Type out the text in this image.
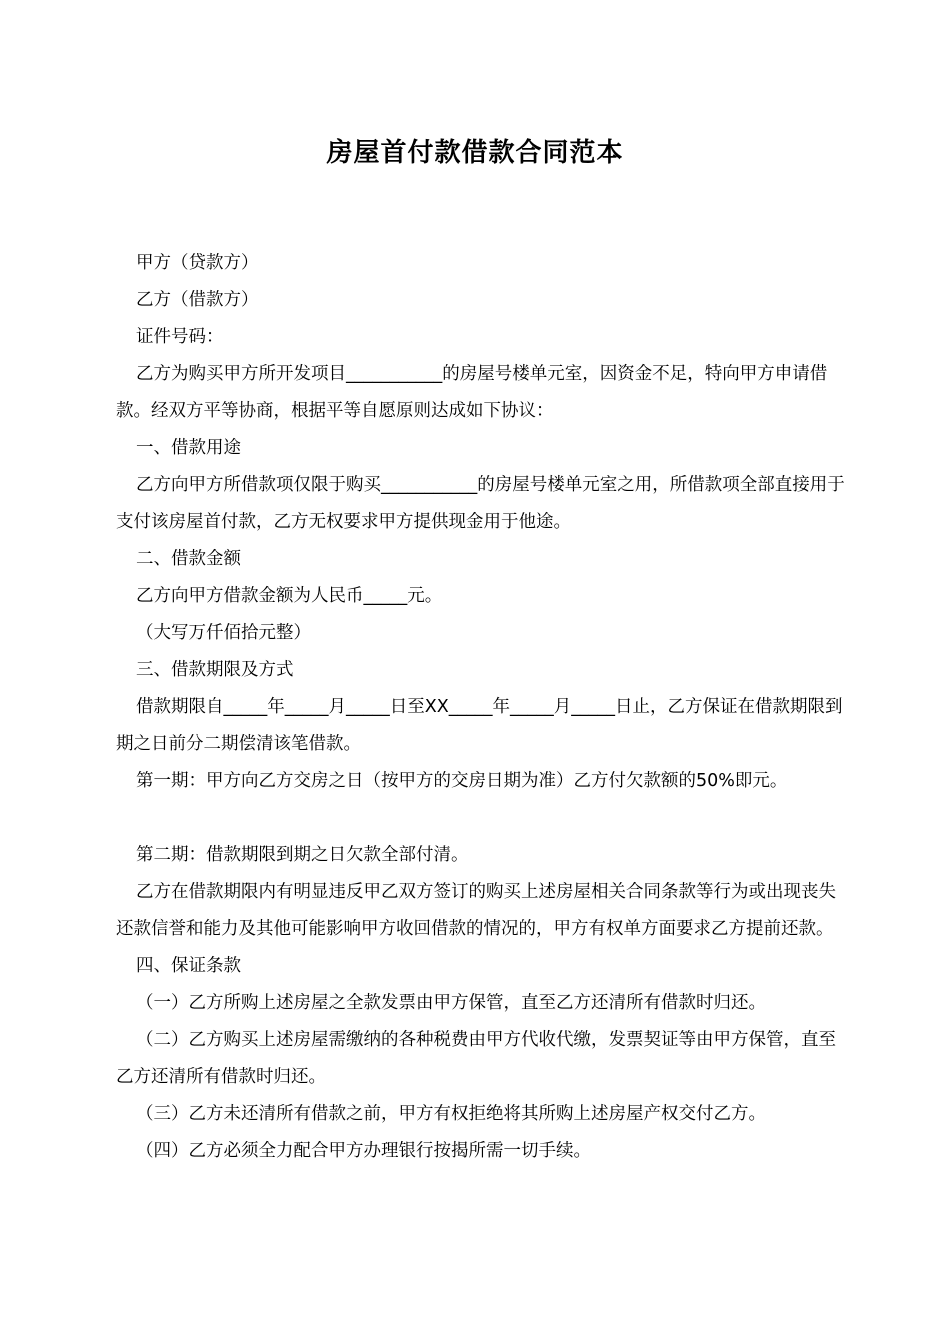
房屋首付款借款合同范本

甲方（贷款方）

乙方（借款方）

证件号码：

乙方为购买甲方所开发项目___________的房屋号楼单元室，因资金不足，特向甲方申请借款。经双方平等协商，根据平等自愿原则达成如下协议：

一、借款用途

乙方向甲方所借款项仅限于购买___________的房屋号楼单元室之用，所借款项全部直接用于支付该房屋首付款，乙方无权要求甲方提供现金用于他途。

二、借款金额

乙方向甲方借款金额为人民币_____元。

（大写万仟佰拾元整）

三、借款期限及方式

借款期限自_____年_____月_____日至XX_____年_____月_____日止，乙方保证在借款期限到期之日前分二期偿清该笔借款。

第一期：甲方向乙方交房之日（按甲方的交房日期为准）乙方付欠款额的50%即元。

第二期：借款期限到期之日欠款全部付清。

乙方在借款期限内有明显违反甲乙双方签订的购买上述房屋相关合同条款等行为或出现丧失还款信誉和能力及其他可能影响甲方收回借款的情况的，甲方有权单方面要求乙方提前还款。

四、保证条款

（一）乙方所购上述房屋之全款发票由甲方保管，直至乙方还清所有借款时归还。

（二）乙方购买上述房屋需缴纳的各种税费由甲方代收代缴，发票契证等由甲方保管，直至乙方还清所有借款时归还。

（三）乙方未还清所有借款之前，甲方有权拒绝将其所购上述房屋产权交付乙方。

（四）乙方必须全力配合甲方办理银行按揭所需一切手续。
